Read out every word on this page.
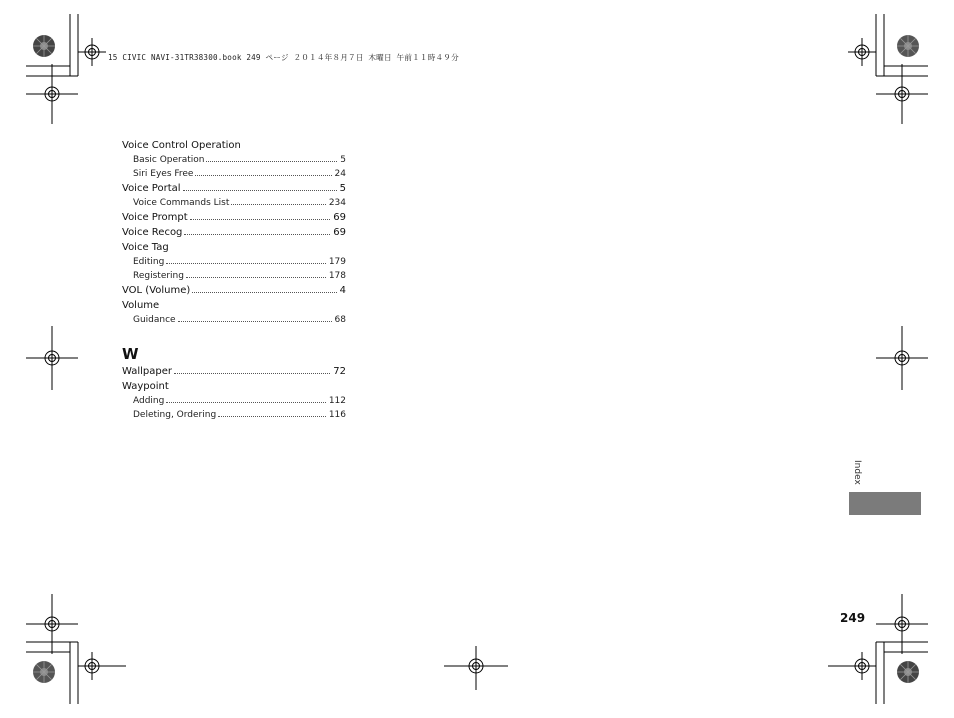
15 CIVIC NAVI-31TR38300.book 249 ページ ２０１４年８月７日 木曜日 午前１１時４９分
Voice Control Operation
Basic Operation	5
Siri Eyes Free	24
Voice Portal	5
Voice Commands List	234
Voice Prompt	69
Voice Recog	69
Voice Tag
Editing	179
Registering	178
VOL (Volume)	4
Volume
Guidance	68
W
Wallpaper	72
Waypoint
Adding	112
Deleting, Ordering	116
Index
249
